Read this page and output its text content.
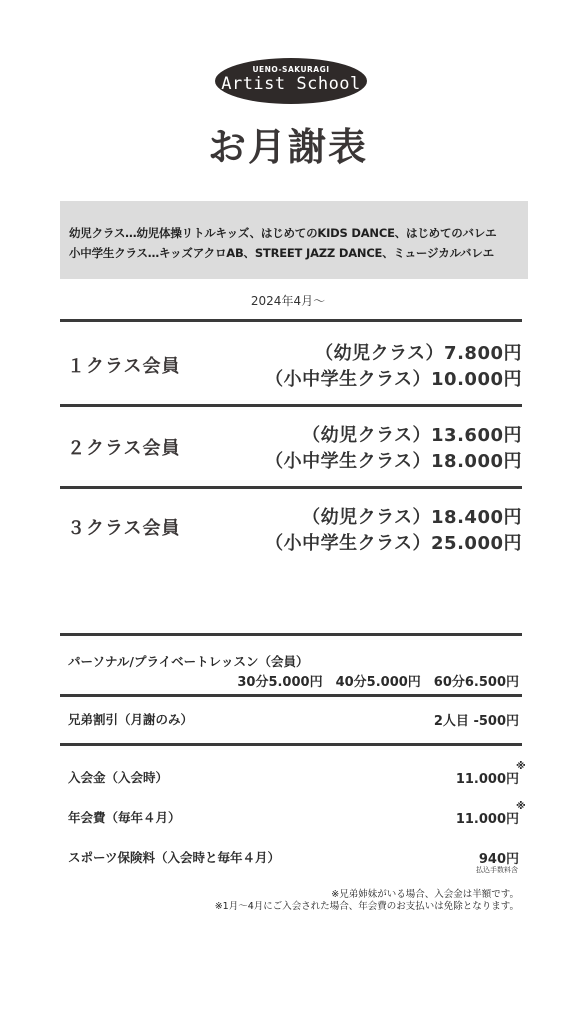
UENO-SAKURAGI
Artist School
お月謝表
幼児クラス…幼児体操リトルキッズ、はじめてのKIDS DANCE、はじめてのバレエ
小中学生クラス…キッズアクロAB、STREET JAZZ DANCE、ミュージカルバレエ
2024年4月～
１クラス会員
（幼児クラス）7.800円
（小中学生クラス）10.000円
２クラス会員
（幼児クラス）13.600円
（小中学生クラス）18.000円
３クラス会員
（幼児クラス）18.400円
（小中学生クラス）25.000円
パーソナル/プライベートレッスン（会員）
30分5.000円　40分5.000円　60分6.500円
兄弟割引（月謝のみ）	2人目 -500円
入会金（入会時）	11.000円
※
年会費（毎年４月）	11.000円
※
スポーツ保険料（入会時と毎年４月）	940円
払込手数料含
※兄弟姉妹がいる場合、入会金は半額です。
※1月～4月にご入会された場合、年会費のお支払いは免除となります。
